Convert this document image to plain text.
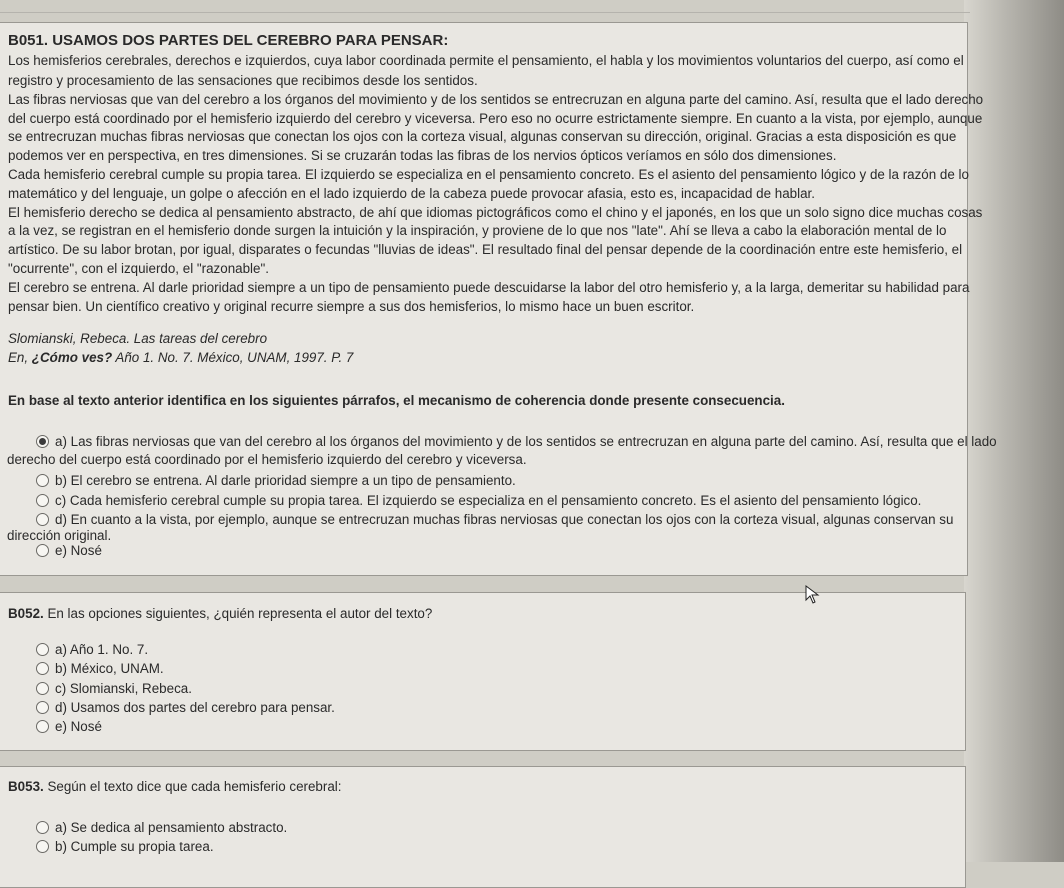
B051. USAMOS DOS PARTES DEL CEREBRO PARA PENSAR:
Los hemisferios cerebrales, derechos e izquierdos, cuya labor coordinada permite el pensamiento, el habla y los movimientos voluntarios del cuerpo, así como el
registro y procesamiento de las sensaciones que recibimos desde los sentidos.
Las fibras nerviosas que van del cerebro a los órganos del movimiento y de los sentidos se entrecruzan en alguna parte del camino. Así, resulta que el lado derecho
del cuerpo está coordinado por el hemisferio izquierdo del cerebro y viceversa. Pero eso no ocurre estrictamente siempre. En cuanto a la vista, por ejemplo, aunque
se entrecruzan muchas fibras nerviosas que conectan los ojos con la corteza visual, algunas conservan su dirección, original. Gracias a esta disposición es que
podemos ver en perspectiva, en tres dimensiones. Si se cruzarán todas las fibras de los nervios ópticos veríamos en sólo dos dimensiones.
Cada hemisferio cerebral cumple su propia tarea. El izquierdo se especializa en el pensamiento concreto. Es el asiento del pensamiento lógico y de la razón de lo
matemático y del lenguaje, un golpe o afección en el lado izquierdo de la cabeza puede provocar afasia, esto es, incapacidad de hablar.
El hemisferio derecho se dedica al pensamiento abstracto, de ahí que idiomas pictográficos como el chino y el japonés, en los que un solo signo dice muchas cosas
a la vez, se registran en el hemisferio donde surgen la intuición y la inspiración, y proviene de lo que nos "late". Ahí se lleva a cabo la elaboración mental de lo
artístico. De su labor brotan, por igual, disparates o fecundas "lluvias de ideas". El resultado final del pensar depende de la coordinación entre este hemisferio, el
"ocurrente", con el izquierdo, el "razonable".
El cerebro se entrena. Al darle prioridad siempre a un tipo de pensamiento puede descuidarse la labor del otro hemisferio y, a la larga, demeritar su habilidad para
pensar bien. Un científico creativo y original recurre siempre a sus dos hemisferios, lo mismo hace un buen escritor.
Slomianski, Rebeca. Las tareas del cerebro
En, ¿Cómo ves? Año 1. No. 7. México, UNAM, 1997. P. 7
En base al texto anterior identifica en los siguientes párrafos, el mecanismo de coherencia donde presente consecuencia.
a) Las fibras nerviosas que van del cerebro al los órganos del movimiento y de los sentidos se entrecruzan en alguna parte del camino. Así, resulta que el lado
derecho del cuerpo está coordinado por el hemisferio izquierdo del cerebro y viceversa.
b) El cerebro se entrena. Al darle prioridad siempre a un tipo de pensamiento.
c) Cada hemisferio cerebral cumple su propia tarea. El izquierdo se especializa en el pensamiento concreto. Es el asiento del pensamiento lógico.
d) En cuanto a la vista, por ejemplo, aunque se entrecruzan muchas fibras nerviosas que conectan los ojos con la corteza visual, algunas conservan su
dirección original.
e) Nosé
B052. En las opciones siguientes, ¿quién representa el autor del texto?
a) Año 1. No. 7.
b) México, UNAM.
c) Slomianski, Rebeca.
d) Usamos dos partes del cerebro para pensar.
e) Nosé
B053. Según el texto dice que cada hemisferio cerebral:
a) Se dedica al pensamiento abstracto.
b) Cumple su propia tarea.
